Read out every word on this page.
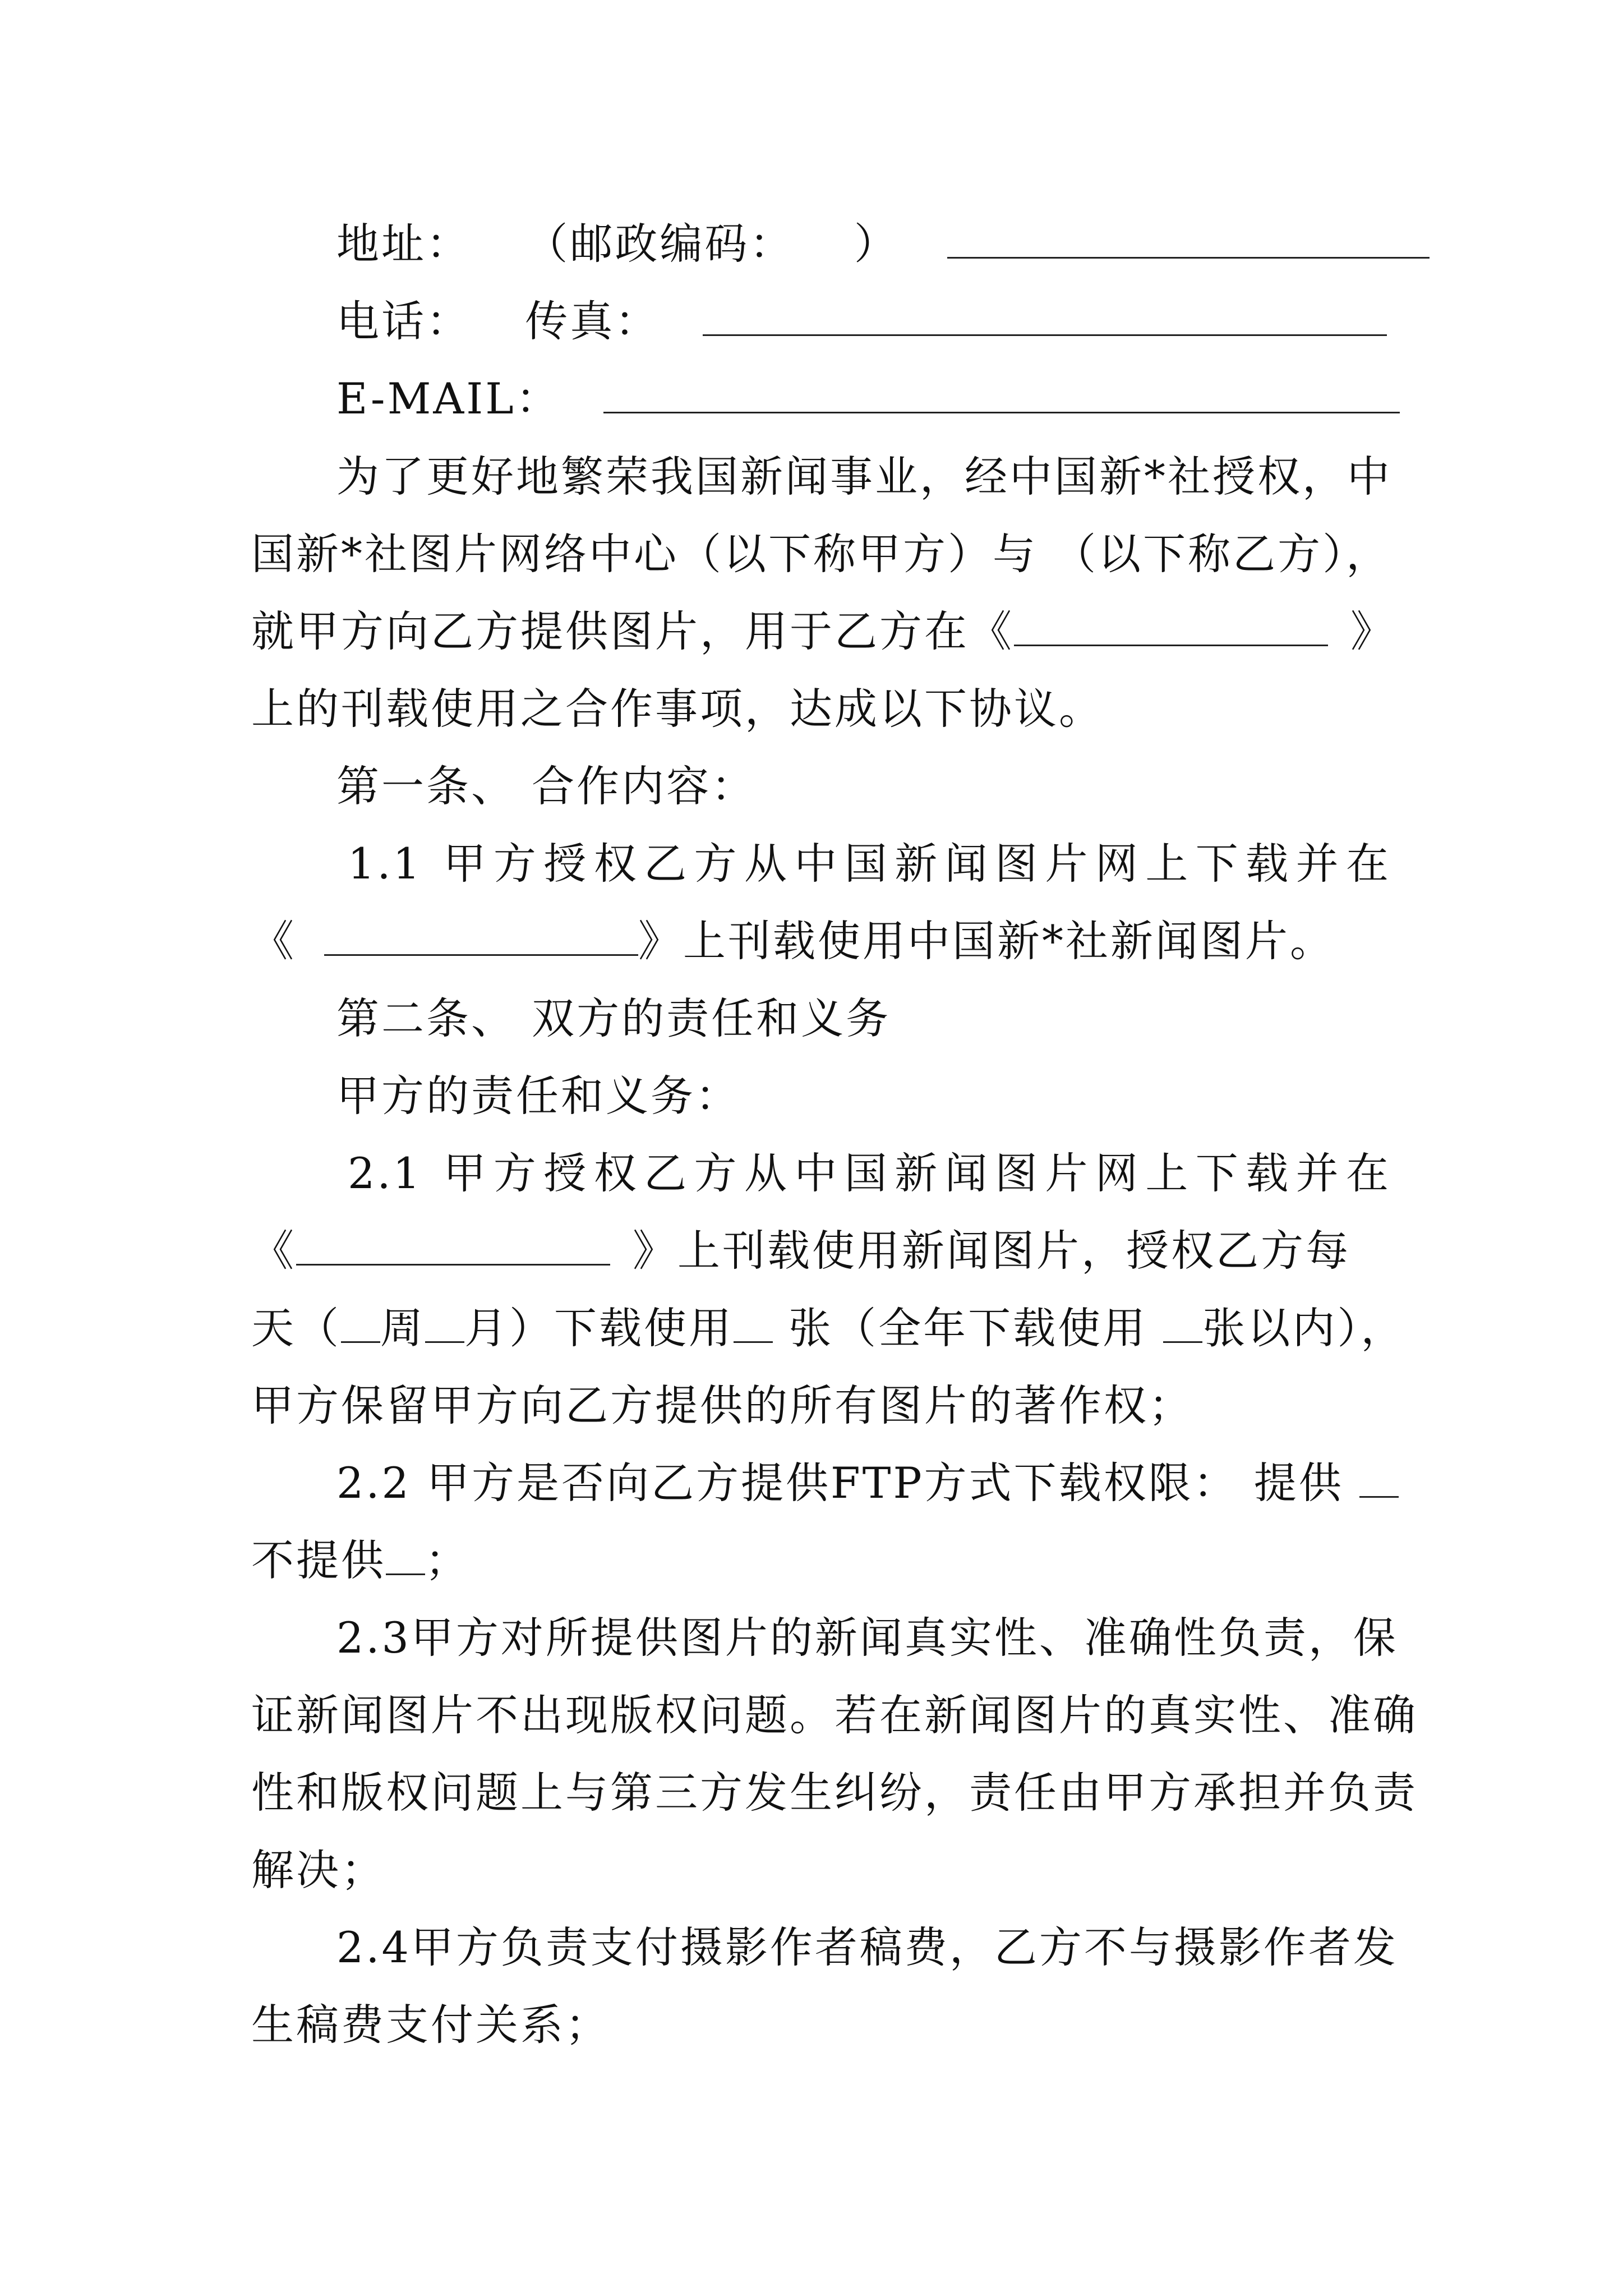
地址： （邮政编码： ）
电话： 传真：
E-MAIL：
为了更好地繁荣我国新闻事业，经中国新*社授权，中
国新*社图片网络中心（以下称甲方）与 （以下称乙方），
就甲方向乙方提供图片，用于乙方在《	》
上的刊载使用之合作事项，达成以下协议。
第一条、 合作内容：
1.1 甲方授权乙方从中国新闻图片网上下载并在
《	》上刊载使用中国新*社新闻图片。
第二条、 双方的责任和义务
甲方的责任和义务：
2.1 甲方授权乙方从中国新闻图片网上下载并在
《	》上刊载使用新闻图片，授权乙方每
天（ 周 月）下载使用 张（全年下载使用 张以内），
甲方保留甲方向乙方提供的所有图片的著作权；
2.2 甲方是否向乙方提供FTP方式下载权限： 提供
不提供 ；
2.3甲方对所提供图片的新闻真实性、准确性负责，保
证新闻图片不出现版权问题。若在新闻图片的真实性、准确
性和版权问题上与第三方发生纠纷，责任由甲方承担并负责
解决；
2.4甲方负责支付摄影作者稿费，乙方不与摄影作者发
生稿费支付关系；
